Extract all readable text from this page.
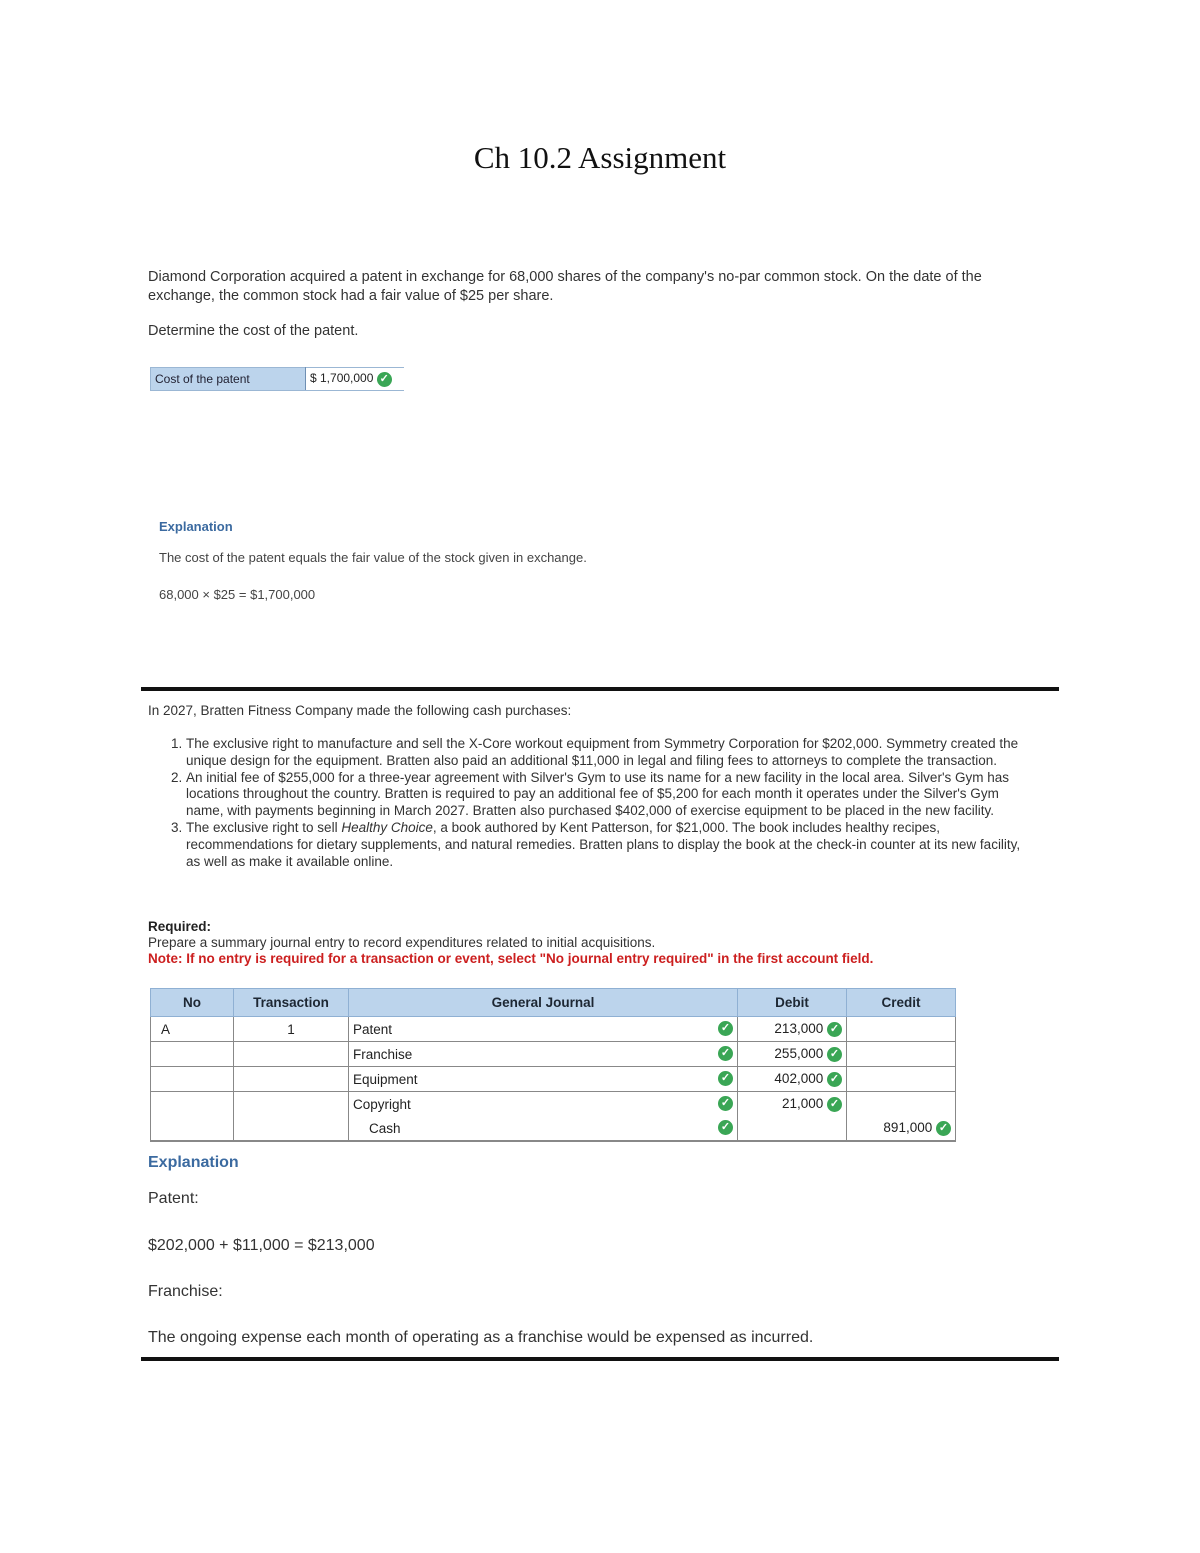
Ch 10.2 Assignment

Diamond Corporation acquired a patent in exchange for 68,000 shares of the company's no-par common stock. On the date of the exchange, the common stock had a fair value of $25 per share.

Determine the cost of the patent.

Cost of the patent	$ 1,700,000 ✓

Explanation

The cost of the patent equals the fair value of the stock given in exchange.

68,000 × $25 = $1,700,000

In 2027, Bratten Fitness Company made the following cash purchases:

1. The exclusive right to manufacture and sell the X-Core workout equipment from Symmetry Corporation for $202,000. Symmetry created the unique design for the equipment. Bratten also paid an additional $11,000 in legal and filing fees to attorneys to complete the transaction.
2. An initial fee of $255,000 for a three-year agreement with Silver's Gym to use its name for a new facility in the local area. Silver's Gym has locations throughout the country. Bratten is required to pay an additional fee of $5,200 for each month it operates under the Silver's Gym name, with payments beginning in March 2027. Bratten also purchased $402,000 of exercise equipment to be placed in the new facility.
3. The exclusive right to sell Healthy Choice, a book authored by Kent Patterson, for $21,000. The book includes healthy recipes, recommendations for dietary supplements, and natural remedies. Bratten plans to display the book at the check-in counter at its new facility, as well as make it available online.

Required:

Prepare a summary journal entry to record expenditures related to initial acquisitions.

Note: If no entry is required for a transaction or event, select "No journal entry required" in the first account field.

No	Transaction	General Journal	Debit	Credit
A	1	Patent ✓	213,000 ✓	
		Franchise ✓	255,000 ✓	
		Equipment ✓	402,000 ✓	
		Copyright ✓	21,000 ✓	
		Cash ✓		891,000 ✓

Explanation

Patent:

$202,000 + $11,000 = $213,000

Franchise:

The ongoing expense each month of operating as a franchise would be expensed as incurred.
